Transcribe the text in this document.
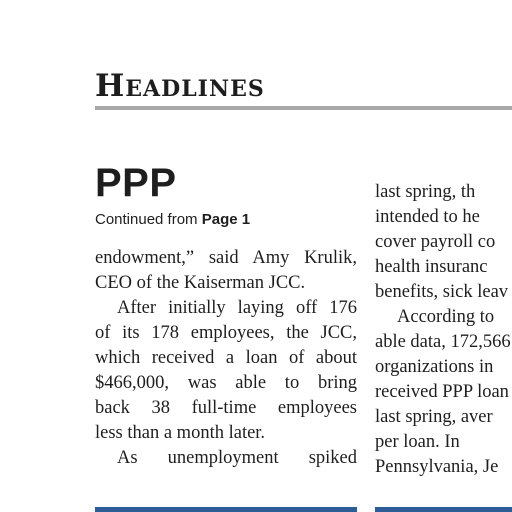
Headlines
PPP
Continued from Page 1
endowment,” said Amy Krulik,
CEO of the Kaiserman JCC.
After initially laying off 176
of its 178 employees, the JCC,
which received a loan of about
$466,000, was able to bring
back 38 full-time employees
less than a month later.
As unemployment spiked
last spring, th
intended to he
cover payroll co
health insuranc
benefits, sick leav
According to
able data, 172,566
organizations in
received PPP loan
last spring, aver
per loan. In
Pennsylvania, Je
